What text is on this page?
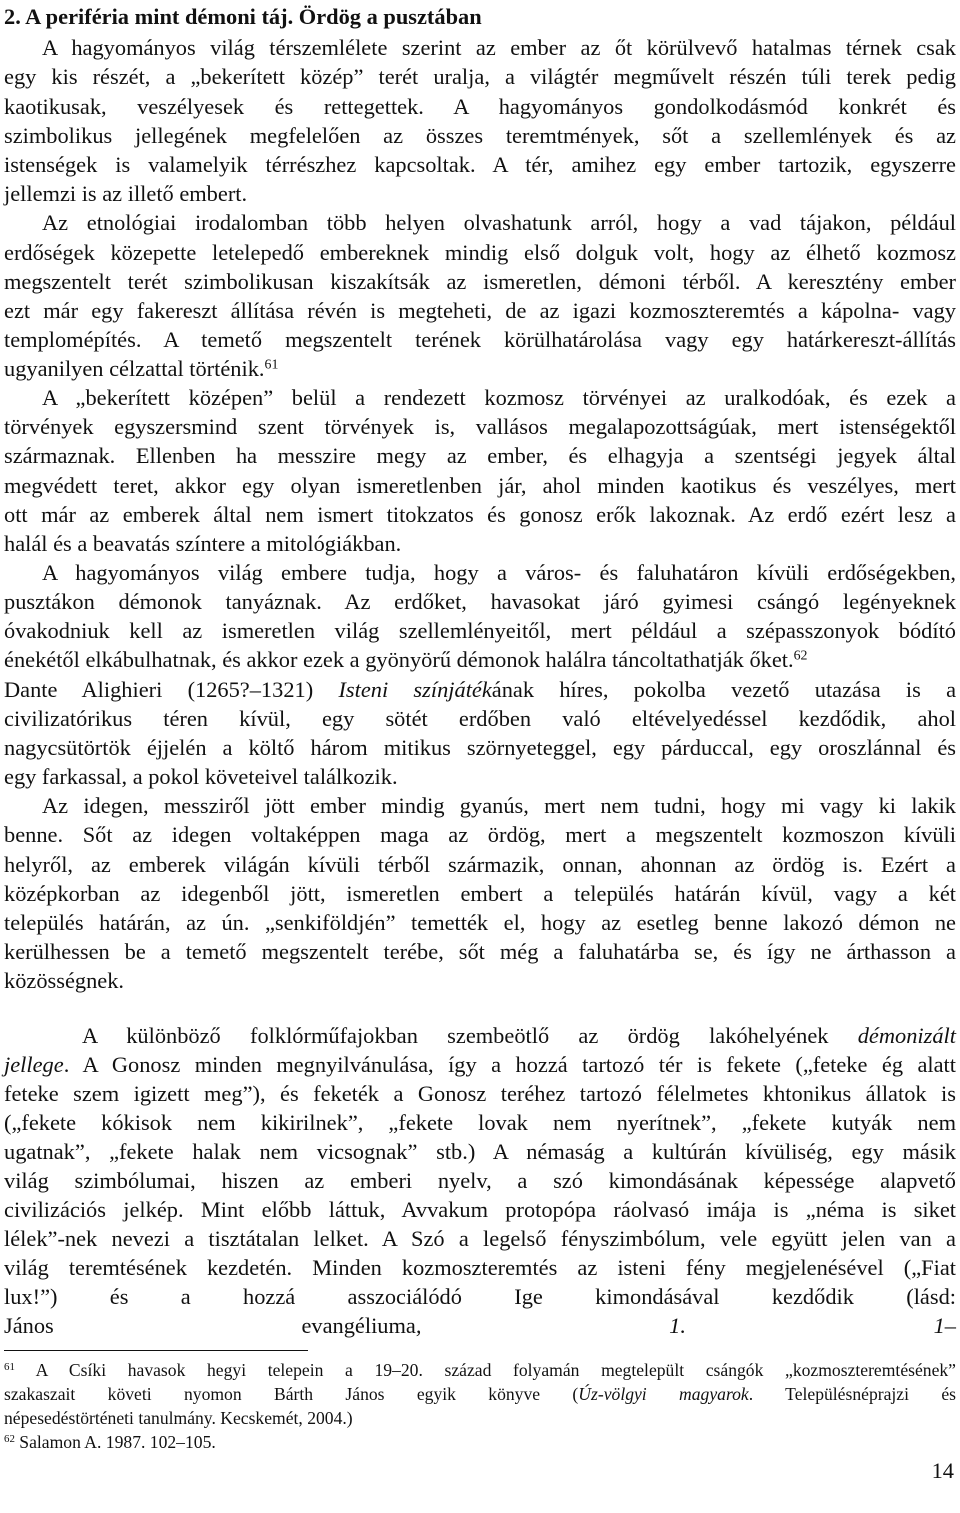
2. A periféria mint démoni táj. Ördög a pusztában
A hagyományos világ térszemlélete szerint az ember az őt körülvevő hatalmas térnek csak
egy kis részét, a „bekerített közép” terét uralja, a világtér megművelt részén túli terek pedig
kaotikusak, veszélyesek és rettegettek. A hagyományos gondolkodásmód konkrét és
szimbolikus jellegének megfelelően az összes teremtmények, sőt a szellemlények és az
istenségek is valamelyik térrészhez kapcsoltak. A tér, amihez egy ember tartozik, egyszerre
jellemzi is az illető embert.
Az etnológiai irodalomban több helyen olvashatunk arról, hogy a vad tájakon, például
erdőségek közepette letelepedő embereknek mindig első dolguk volt, hogy az élhető kozmosz
megszentelt terét szimbolikusan kiszakítsák az ismeretlen, démoni térből. A keresztény ember
ezt már egy fakereszt állítása révén is megteheti, de az igazi kozmoszteremtés a kápolna- vagy
templomépítés. A temető megszentelt terének körülhatárolása vagy egy határkereszt-állítás
ugyanilyen célzattal történik.$^{61}$
A „bekerített középen” belül a rendezett kozmosz törvényei az uralkodóak, és ezek a
törvények egyszersmind szent törvények is, vallásos megalapozottságúak, mert istenségektől
származnak. Ellenben ha messzire megy az ember, és elhagyja a szentségi jegyek által
megvédett teret, akkor egy olyan ismeretlenben jár, ahol minden kaotikus és veszélyes, mert
ott már az emberek által nem ismert titokzatos és gonosz erők lakoznak. Az erdő ezért lesz a
halál és a beavatás színtere a mitológiákban.
A hagyományos világ embere tudja, hogy a város- és faluhatáron kívüli erdőségekben,
pusztákon démonok tanyáznak. Az erdőket, havasokat járó gyimesi csángó legényeknek
óvakodniuk kell az ismeretlen világ szellemlényeitől, mert például a szépasszonyok bódító
énekétől elkábulhatnak, és akkor ezek a gyönyörű démonok halálra táncoltathatják őket.$^{62}$
Dante Alighieri (1265?–1321) Isteni színjátékának híres, pokolba vezető utazása is a
civilizatórikus téren kívül, egy sötét erdőben való eltévelyedéssel kezdődik, ahol
nagycsütörtök éjjelén a költő három mitikus szörnyeteggel, egy párduccal, egy oroszlánnal és
egy farkassal, a pokol követeivel találkozik.
Az idegen, messziről jött ember mindig gyanús, mert nem tudni, hogy mi vagy ki lakik
benne. Sőt az idegen voltaképpen maga az ördög, mert a megszentelt kozmoszon kívüli
helyről, az emberek világán kívüli térből származik, onnan, ahonnan az ördög is. Ezért a
középkorban az idegenből jött, ismeretlen embert a település határán kívül, vagy a két
település határán, az ún. „senkiföldjén” temették el, hogy az esetleg benne lakozó démon ne
kerülhessen be a temető megszentelt terébe, sőt még a faluhatárba se, és így ne árthasson a
közösségnek.
A különböző folklórműfajokban szembeötlő az ördög lakóhelyének démonizált
jellege. A Gonosz minden megnyilvánulása, így a hozzá tartozó tér is fekete („feteke ég alatt
feteke szem igizett meg”), és feketék a Gonosz teréhez tartozó félelmetes khtonikus állatok is
(„fekete kókisok nem kikirilnek”, „fekete lovak nem nyerítnek”, „fekete kutyák nem
ugatnak”, „fekete halak nem vicsognak” stb.) A némaság a kultúrán kívüliség, egy másik
világ szimbólumai, hiszen az emberi nyelv, a szó kimondásának képessége alapvető
civilizációs jelkép. Mint előbb láttuk, Avvakum protopópa ráolvasó imája is „néma is siket
lélek”-nek nevezi a tisztátalan lelket. A Szó a legelső fényszimbólum, vele együtt jelen van a
világ teremtésének kezdetén. Minden kozmoszteremtés az isteni fény megjelenésével („Fiat
lux!”) és a hozzá asszociálódó Ige kimondásával kezdődik (lásd:
János evangéliuma, 1. 1–
$^{61}$ A Csíki havasok hegyi telepein a 19–20. század folyamán megtelepült csángók „kozmoszteremtésének”
szakaszait követi nyomon Bárth János egyik könyve (Úz-völgyi magyarok. Településnéprajzi és
népesedéstörténeti tanulmány. Kecskemét, 2004.)
$^{62}$ Salamon A. 1987. 102–105.
14
